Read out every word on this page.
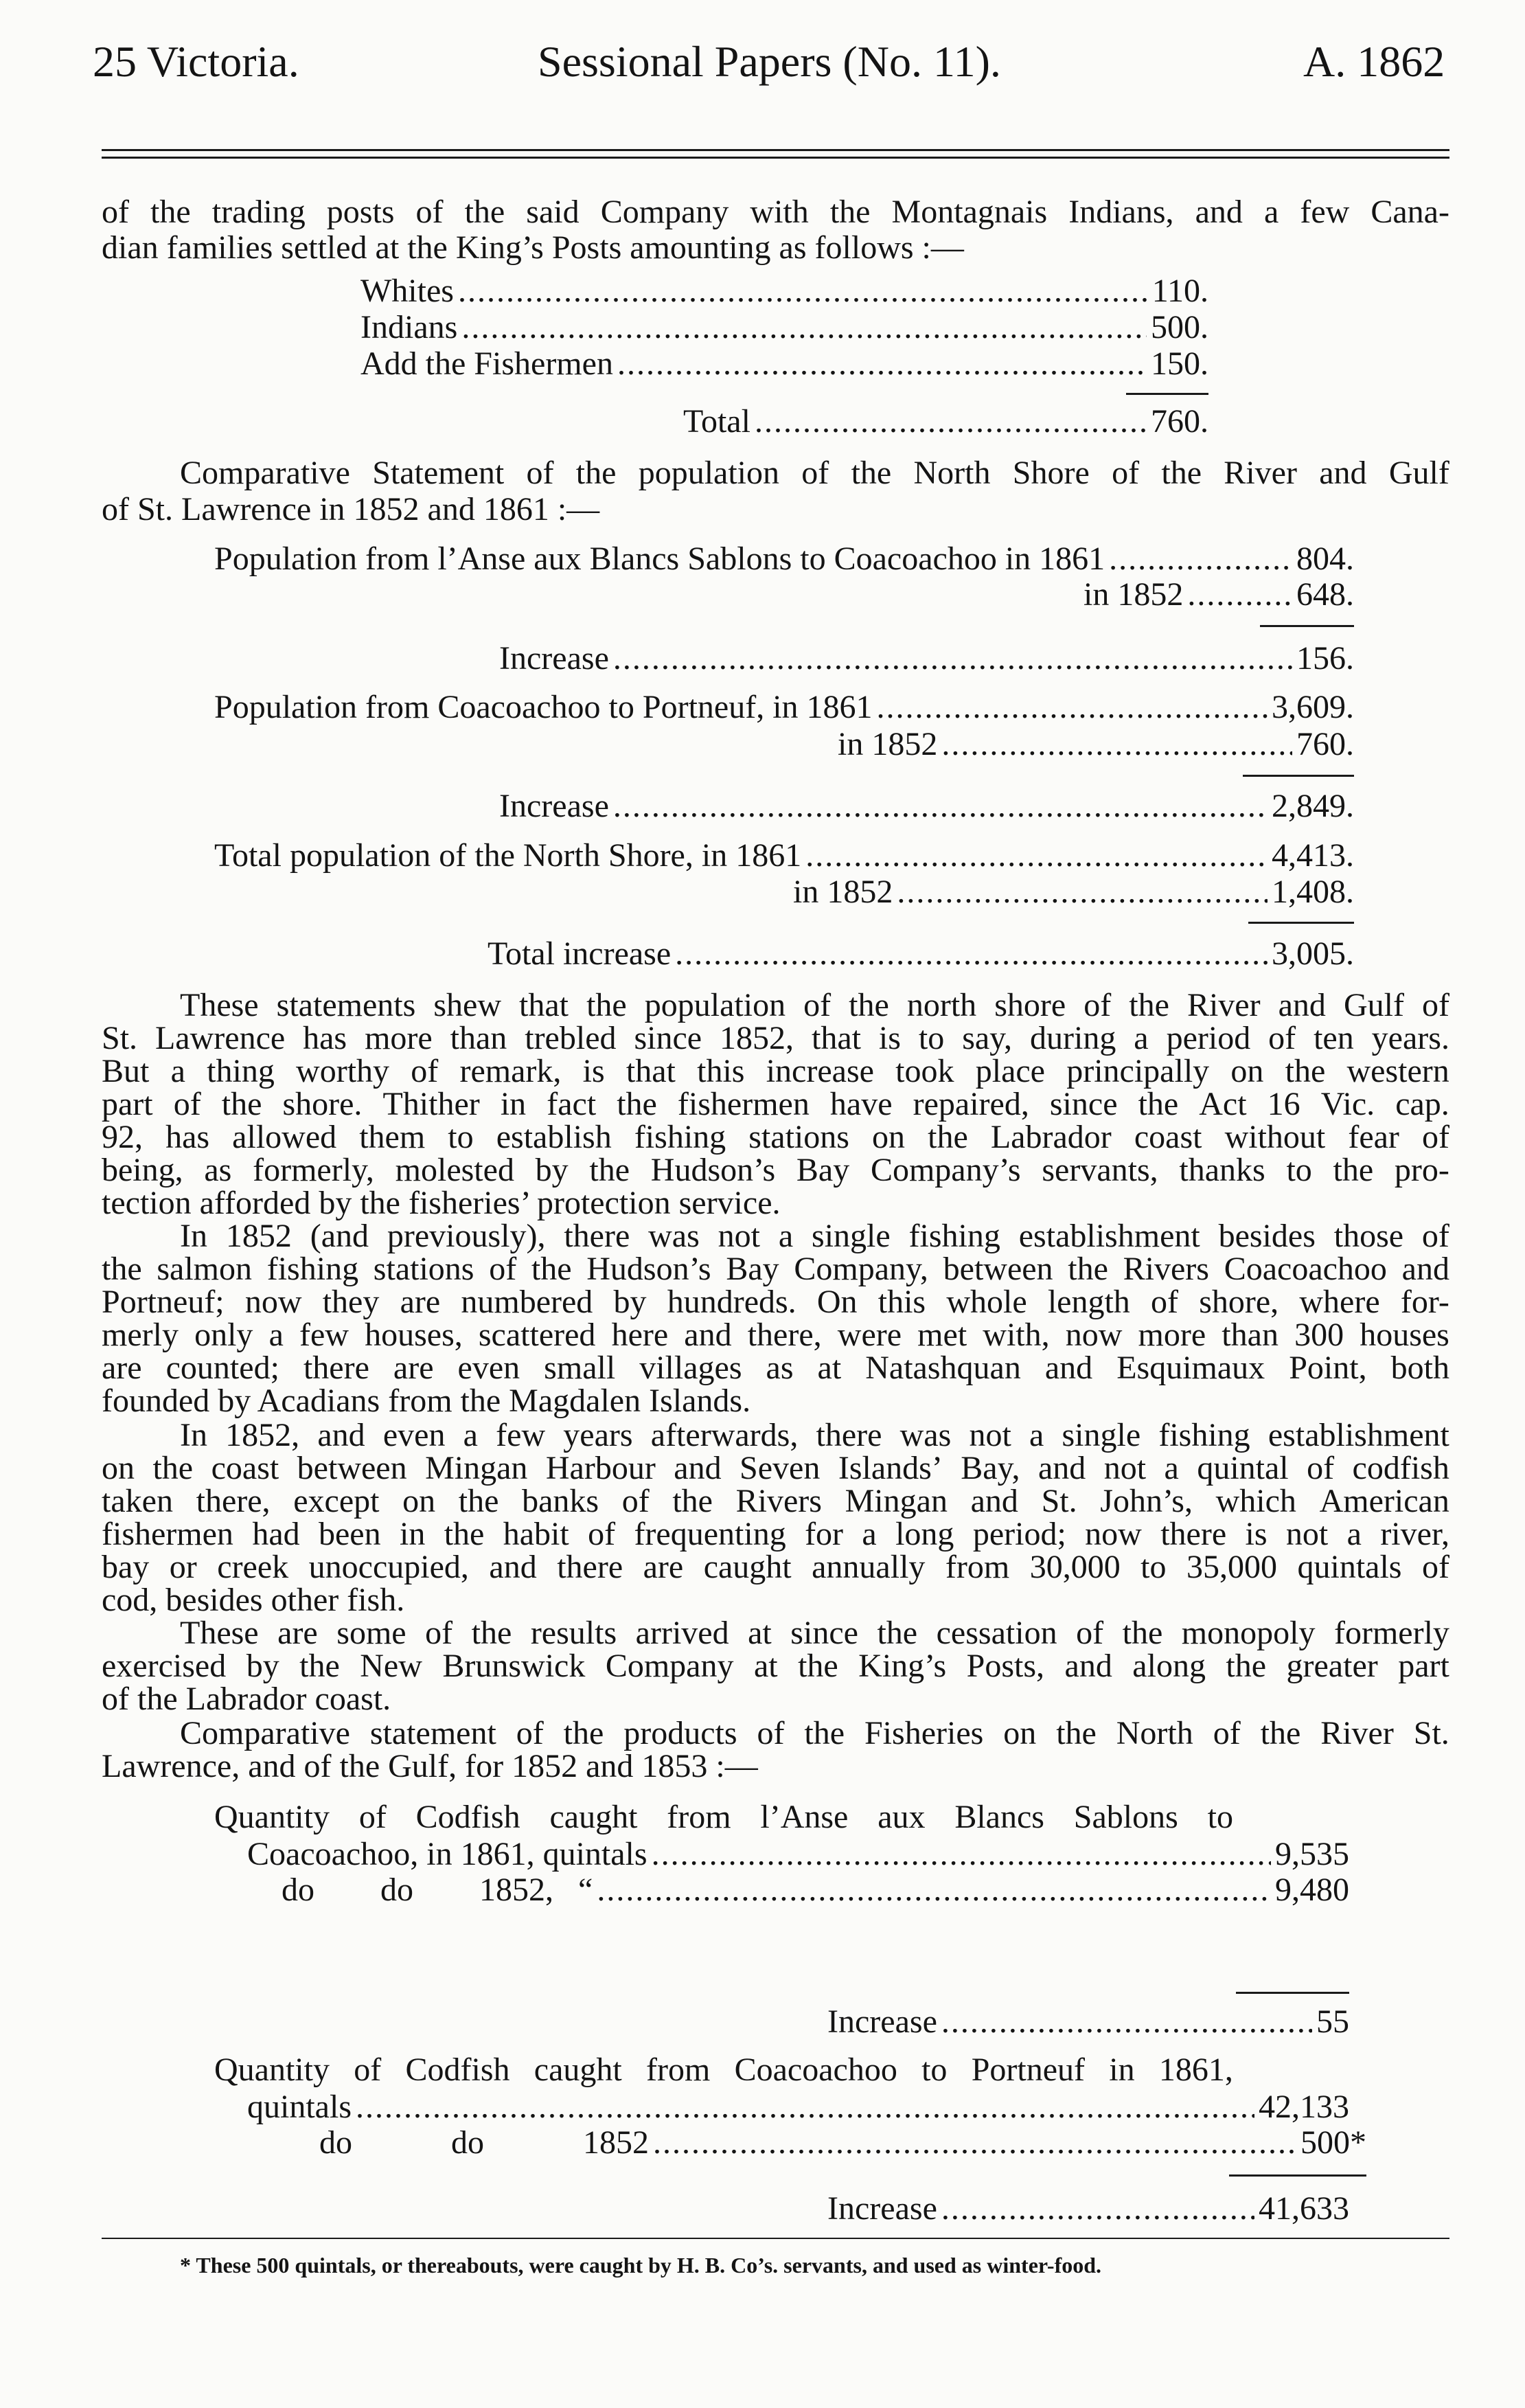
25 Victoria.	Sessional Papers (No. 11).	A. 1862
of the trading posts of the said Company with the Montagnais Indians, and a few Cana-
dian families settled at the King’s Posts amounting as follows :—
Whites .....	110.
Indians .....	500.
Add the Fishermen .....	150.
Total .....	760.
Comparative Statement of the population of the North Shore of the River and Gulf
of St. Lawrence in 1852 and 1861 :—
Population from l’Anse aux Blancs Sablons to Coacoachoo in 1861 .....	804.
in 1852 .....	648.
Increase .....	156.
Population from Coacoachoo to Portneuf, in 1861 .....	3,609.
in 1852 .....	760.
Increase .....	2,849.
Total population of the North Shore, in 1861 .....	4,413.
in 1852 .....	1,408.
Total increase .....	3,005.
These statements shew that the population of the north shore of the River and Gulf of
St. Lawrence has more than trebled since 1852, that is to say, during a period of ten years.
But a thing worthy of remark, is that this increase took place principally on the western
part of the shore. Thither in fact the fishermen have repaired, since the Act 16 Vic. cap.
92, has allowed them to establish fishing stations on the Labrador coast without fear of
being, as formerly, molested by the Hudson’s Bay Company’s servants, thanks to the pro-
tection afforded by the fisheries’ protection service.
In 1852 (and previously), there was not a single fishing establishment besides those of
the salmon fishing stations of the Hudson’s Bay Company, between the Rivers Coacoachoo and
Portneuf; now they are numbered by hundreds. On this whole length of shore, where for-
merly only a few houses, scattered here and there, were met with, now more than 300 houses
are counted; there are even small villages as at Natashquan and Esquimaux Point, both
founded by Acadians from the Magdalen Islands.
In 1852, and even a few years afterwards, there was not a single fishing establishment
on the coast between Mingan Harbour and Seven Islands’ Bay, and not a quintal of codfish
taken there, except on the banks of the Rivers Mingan and St. John’s, which American
fishermen had been in the habit of frequenting for a long period; now there is not a river,
bay or creek unoccupied, and there are caught annually from 30,000 to 35,000 quintals of
cod, besides other fish.
These are some of the results arrived at since the cessation of the monopoly formerly
exercised by the New Brunswick Company at the King’s Posts, and along the greater part
of the Labrador coast.
Comparative statement of the products of the Fisheries on the North of the River St.
Lawrence, and of the Gulf, for 1852 and 1853 :—
Quantity of Codfish caught from l’Anse aux Blancs Sablons to
Coacoachoo, in 1861, quintals .....	9,535
do        do        1852,   “ .....	9,480
Increase .....	55
Quantity of Codfish caught from Coacoachoo to Portneuf in 1861,
quintals .....	42,133
do            do            1852 .....	500*
Increase .....	41,633
* These 500 quintals, or thereabouts, were caught by H. B. Co’s. servants, and used as winter-food.
